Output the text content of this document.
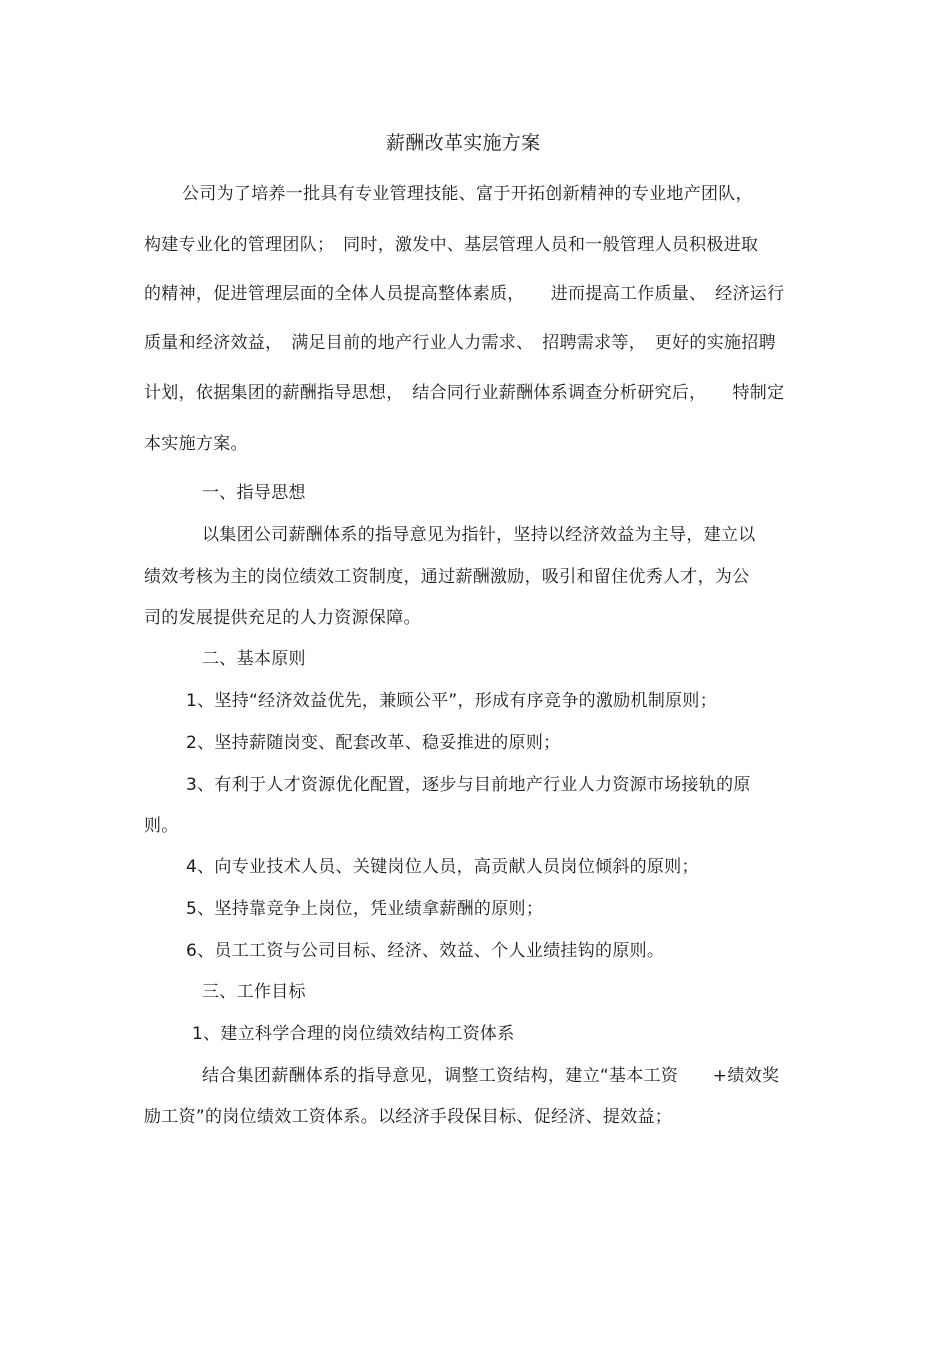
薪酬改革实施方案
公司为了培养一批具有专业管理技能、富于开拓创新精神的专业地产团队，
构建专业化的管理团队；　同时，激发中、基层管理人员和一般管理人员积极进取
的精神，促进管理层面的全体人员提高整体素质，　　进而提高工作质量、　经济运行
质量和经济效益，　满足目前的地产行业人力需求、　招聘需求等，　更好的实施招聘
计划，依据集团的薪酬指导思想，　结合同行业薪酬体系调查分析研究后，　　特制定
本实施方案。
一、指导思想
以集团公司薪酬体系的指导意见为指针，坚持以经济效益为主导，建立以
绩效考核为主的岗位绩效工资制度，通过薪酬激励，吸引和留住优秀人才，为公
司的发展提供充足的人力资源保障。
二、基本原则
1、坚持“经济效益优先，兼顾公平”，形成有序竞争的激励机制原则；
2、坚持薪随岗变、配套改革、稳妥推进的原则；
3、有利于人才资源优化配置，逐步与目前地产行业人力资源市场接轨的原
则。
4、向专业技术人员、关键岗位人员，高贡献人员岗位倾斜的原则；
5、坚持靠竞争上岗位，凭业绩拿薪酬的原则；
6、员工工资与公司目标、经济、效益、个人业绩挂钩的原则。
三、工作目标
1、建立科学合理的岗位绩效结构工资体系
结合集团薪酬体系的指导意见，调整工资结构，建立“基本工资　　+绩效奖
励工资”的岗位绩效工资体系。以经济手段保目标、促经济、提效益；
